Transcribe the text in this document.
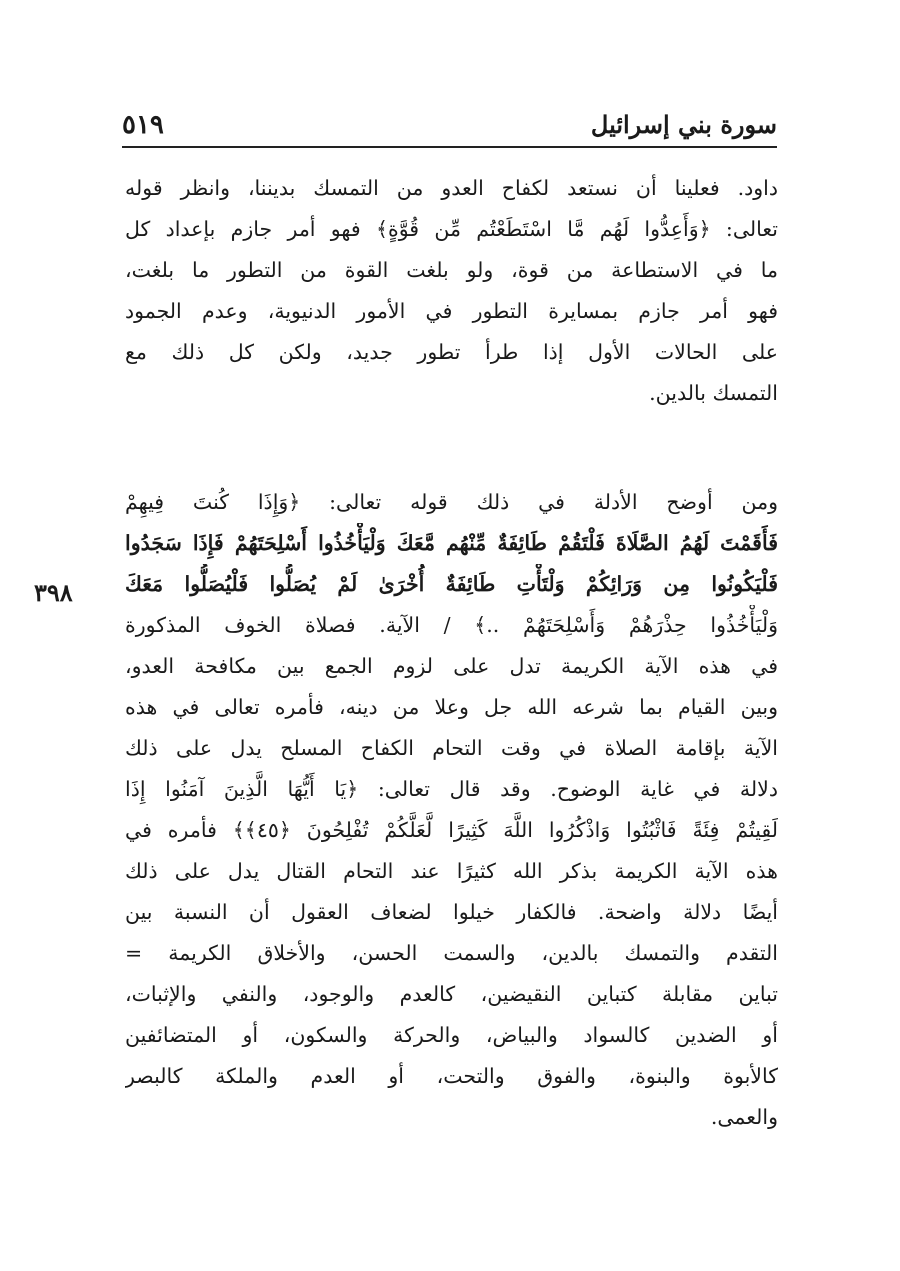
٥١٩	سورة بني إسرائيل
داود. فعلينا أن نستعد لكفاح العدو من التمسك بديننا، وانظر قوله
تعالى: ﴿وَأَعِدُّوا لَهُم مَّا اسْتَطَعْتُم مِّن قُوَّةٍ﴾ فهو أمر جازم بإعداد كل
ما في الاستطاعة من قوة، ولو بلغت القوة من التطور ما بلغت،
فهو أمر جازم بمسايرة التطور في الأمور الدنيوية، وعدم الجمود
على الحالات الأول إذا طرأ تطور جديد، ولكن كل ذلك مع
التمسك بالدين.
٣٩٨
ومن أوضح الأدلة في ذلك قوله تعالى: ﴿وَإِذَا كُنتَ فِيهِمْ
فَأَقَمْتَ لَهُمُ الصَّلَاةَ فَلْتَقُمْ طَائِفَةٌ مِّنْهُم مَّعَكَ وَلْيَأْخُذُوا أَسْلِحَتَهُمْ فَإِذَا سَجَدُوا
فَلْيَكُونُوا مِن وَرَائِكُمْ وَلْتَأْتِ طَائِفَةٌ أُخْرَىٰ لَمْ يُصَلُّوا فَلْيُصَلُّوا مَعَكَ
وَلْيَأْخُذُوا حِذْرَهُمْ وَأَسْلِحَتَهُمْ ..﴾ / الآية. فصلاة الخوف المذكورة
في هذه الآية الكريمة تدل على لزوم الجمع بين مكافحة العدو،
وبين القيام بما شرعه الله جل وعلا من دينه، فأمره تعالى في هذه
الآية بإقامة الصلاة في وقت التحام الكفاح المسلح يدل على ذلك
دلالة في غاية الوضوح. وقد قال تعالى: ﴿يَا أَيُّهَا الَّذِينَ آمَنُوا إِذَا
لَقِيتُمْ فِئَةً فَاثْبُتُوا وَاذْكُرُوا اللَّهَ كَثِيرًا لَّعَلَّكُمْ تُفْلِحُونَ ﴿٤٥﴾﴾ فأمره في
هذه الآية الكريمة بذكر الله كثيرًا عند التحام القتال يدل على ذلك
أيضًا دلالة واضحة. فالكفار خيلوا لضعاف العقول أن النسبة بين
التقدم والتمسك بالدين، والسمت الحسن، والأخلاق الكريمة =
تباين مقابلة كتباين النقيضين، كالعدم والوجود، والنفي والإثبات،
أو الضدين كالسواد والبياض، والحركة والسكون، أو المتضائفين
كالأبوة والبنوة، والفوق والتحت، أو العدم والملكة كالبصر
والعمى.
